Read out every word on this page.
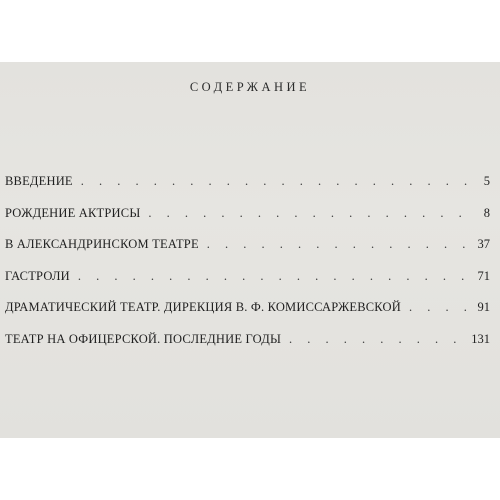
СОДЕРЖАНИЕ
ВВЕДЕНИЕ . . .	5
РОЖДЕНИЕ АКТРИСЫ . . .	8
В АЛЕКСАНДРИНСКОМ ТЕАТРЕ . . .	37
ГАСТРОЛИ . . .	71
ДРАМАТИЧЕСКИЙ ТЕАТР. ДИРЕКЦИЯ В. Ф. КОМИССАРЖЕВСКОЙ . . .	91
ТЕАТР НА ОФИЦЕРСКОЙ. ПОСЛЕДНИЕ ГОДЫ . . .	131
